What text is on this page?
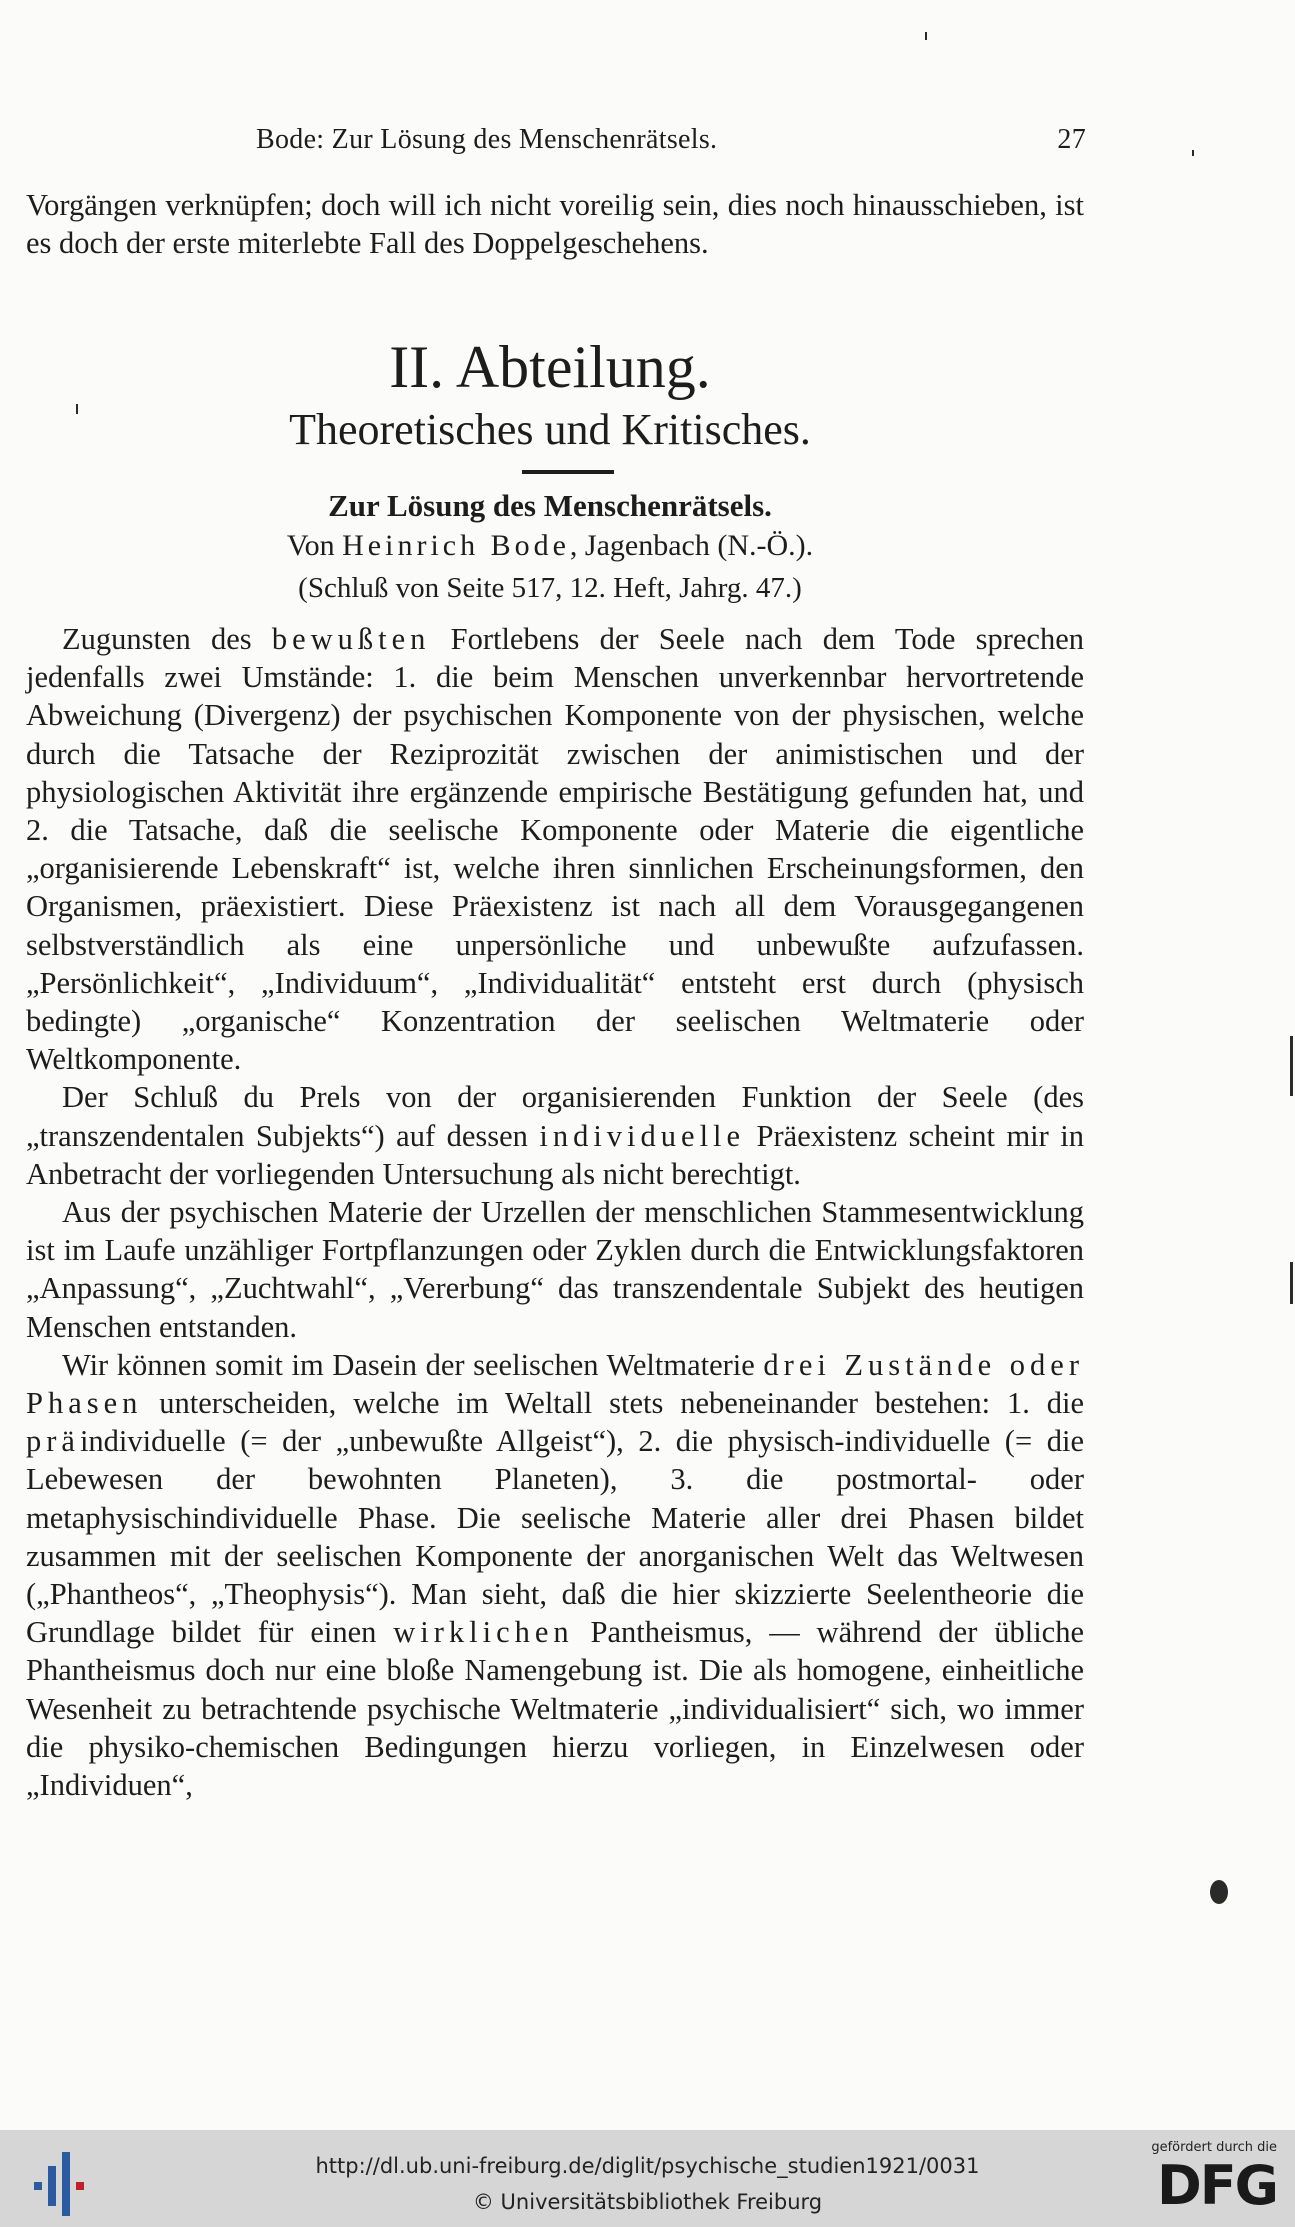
Bode: Zur Lösung des Menschenrätsels.	27

Vorgängen verknüpfen; doch will ich nicht voreilig sein, dies noch hinausschieben, ist es doch der erste miterlebte Fall des Doppelgeschehens.

II. Abteilung.
Theoretisches und Kritisches.
Zur Lösung des Menschenrätsels.
Von Heinrich Bode, Jagenbach (N.-Ö.).
(Schluß von Seite 517, 12. Heft, Jahrg. 47.)

Zugunsten des bewußten Fortlebens der Seele nach dem Tode sprechen jedenfalls zwei Umstände: 1. die beim Menschen unverkennbar hervortretende Abweichung (Divergenz) der psychischen Komponente von der physischen, welche durch die Tatsache der Reziprozität zwischen der animistischen und der physiologischen Aktivität ihre ergänzende empirische Bestätigung gefunden hat, und 2. die Tatsache, daß die seelische Komponente oder Materie die eigentliche „organisierende Lebenskraft“ ist, welche ihren sinnlichen Erscheinungsformen, den Organismen, präexistiert. Diese Präexistenz ist nach all dem Vorausgegangenen selbstverständlich als eine unpersönliche und unbewußte aufzufassen. „Persönlichkeit“, „Individuum“, „Individualität“ entsteht erst durch (physisch bedingte) „organische“ Konzentration der seelischen Weltmaterie oder Weltkomponente.

Der Schluß du Prels von der organisierenden Funktion der Seele (des „transzendentalen Subjekts“) auf dessen individuelle Präexistenz scheint mir in Anbetracht der vorliegenden Untersuchung als nicht berechtigt.

Aus der psychischen Materie der Urzellen der menschlichen Stammesentwicklung ist im Laufe unzähliger Fortpflanzungen oder Zyklen durch die Entwicklungsfaktoren „Anpassung“, „Zuchtwahl“, „Vererbung“ das transzendentale Subjekt des heutigen Menschen entstanden.

Wir können somit im Dasein der seelischen Weltmaterie drei Zustände oder Phasen unterscheiden, welche im Weltall stets nebeneinander bestehen: 1. die präindividuelle (= der „unbewußte Allgeist“), 2. die physisch-individuelle (= die Lebewesen der bewohnten Planeten), 3. die postmortal- oder metaphysischindividuelle Phase. Die seelische Materie aller drei Phasen bildet zusammen mit der seelischen Komponente der anorganischen Welt das Weltwesen („Phantheos“, „Theophysis“). Man sieht, daß die hier skizzierte Seelentheorie die Grundlage bildet für einen wirklichen Pantheismus, — während der übliche Phantheismus doch nur eine bloße Namengebung ist. Die als homogene, einheitliche Wesenheit zu betrachtende psychische Weltmaterie „individualisiert“ sich, wo immer die physiko-chemischen Bedingungen hierzu vorliegen, in Einzelwesen oder „Individuen“,

http://dl.ub.uni-freiburg.de/diglit/psychische_studien1921/0031
© Universitätsbibliothek Freiburg
gefördert durch die
DFG
